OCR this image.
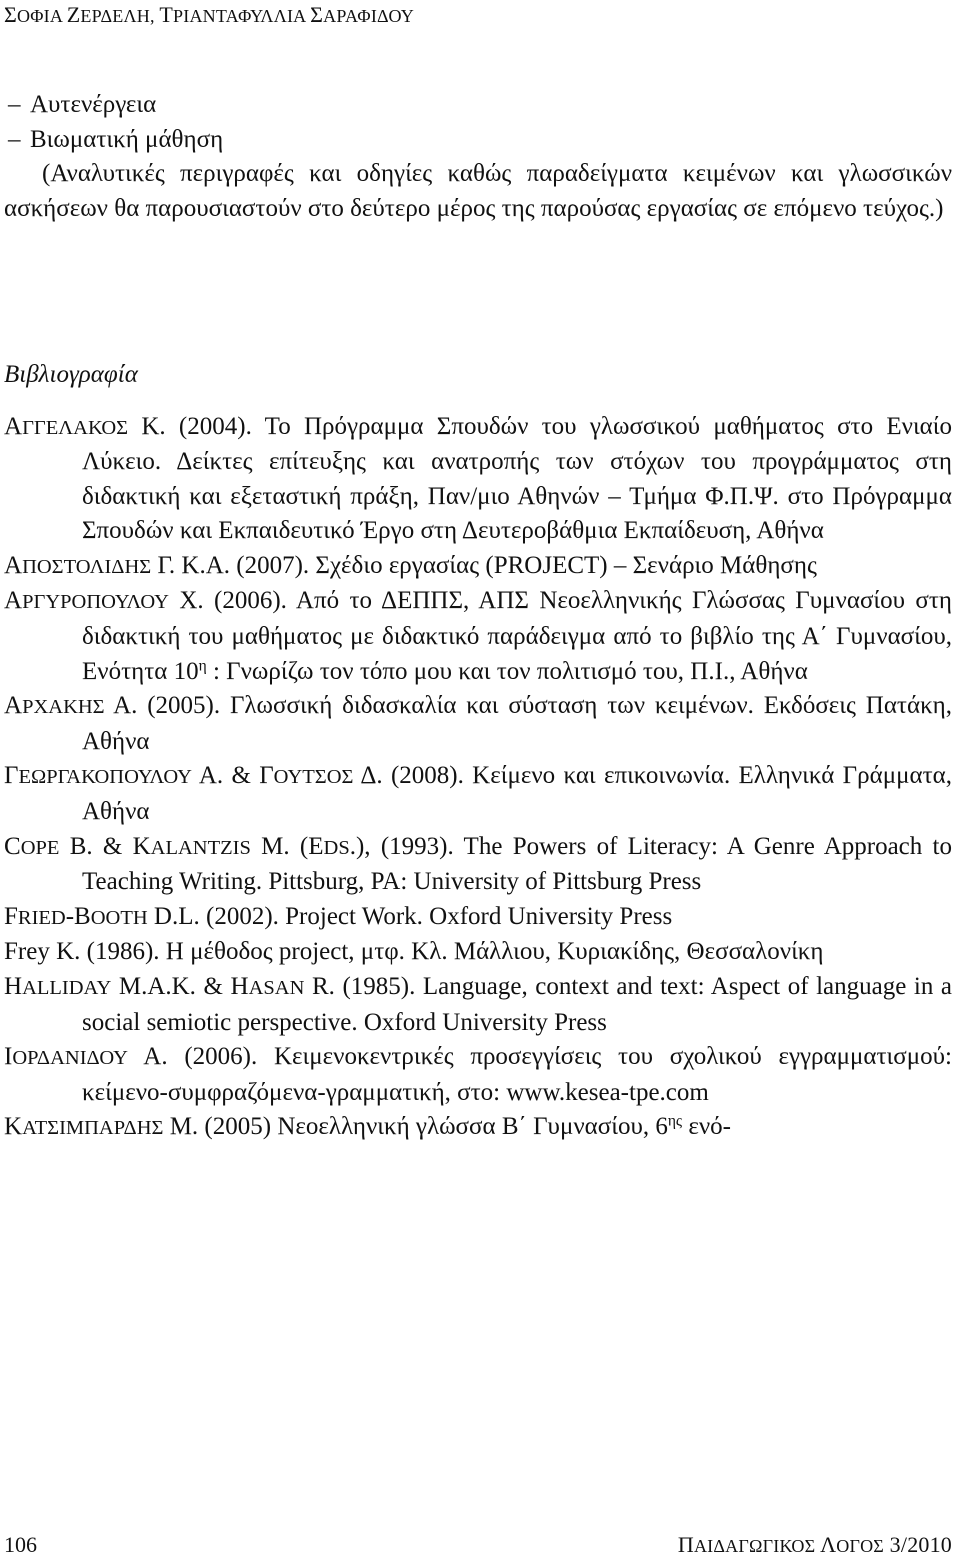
ΣΟΦΙΑ ΖΕΡΔΕΛΗ, ΤΡΙΑΝΤΑΦΥΛΛΙΑ ΣΑΡΑΦΙΔΟΥ
– Αυτενέργεια
– Βιωματική μάθηση
(Αναλυτικές περιγραφές και οδηγίες καθώς παραδείγματα κειμένων και γλωσσικών ασκήσεων θα παρουσιαστούν στο δεύτερο μέρος της παρούσας εργασίας σε επόμενο τεύχος.)
Βιβλιογραφία

ΑΓΓΕΛΑΚΟΣ Κ. (2004). Το Πρόγραμμα Σπουδών του γλωσσικού μαθήματος στο Ενιαίο Λύκειο. Δείκτες επίτευξης και ανατροπής των στόχων του προγράμματος στη διδακτική και εξεταστική πράξη, Παν/μιο Αθηνών – Τμήμα Φ.Π.Ψ. στο Πρόγραμμα Σπουδών και Εκπαιδευτικό Έργο στη Δευτεροβάθμια Εκπαίδευση, Αθήνα

ΑΠΟΣΤΟΛΙΔΗΣ Γ. Κ.Α. (2007). Σχέδιο εργασίας (PROJECT) – Σενάριο Μάθησης

ΑΡΓΥΡΟΠΟΥΛΟΥ Χ. (2006). Από το ΔΕΠΠΣ, ΑΠΣ Νεοελληνικής Γλώσσας Γυμνασίου στη διδακτική του μαθήματος με διδακτικό παράδειγμα από το βιβλίο της Α΄ Γυμνασίου, Ενότητα $10^\eta$ : Γνωρίζω τον τόπο μου και τον πολιτισμό του, Π.Ι., Αθήνα

ΑΡΧΑΚΗΣ Α. (2005). Γλωσσική διδασκαλία και σύσταση των κειμένων. Εκδόσεις Πατάκη, Αθήνα

ΓΕΩΡΓΑΚΟΠΟΥΛΟΥ Α. & ΓΟΥΤΣΟΣ Δ. (2008). Κείμενο και επικοινωνία. Ελληνικά Γράμματα, Αθήνα

COPE B. & KALANTZIS M. (EDS.), (1993). The Powers of Literacy: A Genre Approach to Teaching Writing. Pittsburg, PA: University of Pittsburg Press

FRIED-BOOTH D.L. (2002). Project Work. Oxford University Press

Frey K. (1986). Η μέθοδος project, μτφ. Κλ. Μάλλιου, Κυριακίδης, Θεσσαλονίκη

HALLIDAY M.A.K. & HASAN R. (1985). Language, context and text: Aspect of language in a social semiotic perspective. Oxford University Press

ΙΟΡΔΑΝΙΔΟΥ Α. (2006). Κειμενοκεντρικές προσεγγίσεις του σχολικού εγγραμματισμού: κείμενο-συμφραζόμενα-γραμματική, στο: www.kesea-tpe.com

ΚΑΤΣΙΜΠΑΡΔΗΣ Μ. (2005) Νεοελληνική γλώσσα Β΄ Γυμνασίου, $6^{\eta\varsigma}$ ενό-

106	ΠΑΙΔΑΓΩΓΙΚΟΣ ΛΟΓΟΣ 3/2010
